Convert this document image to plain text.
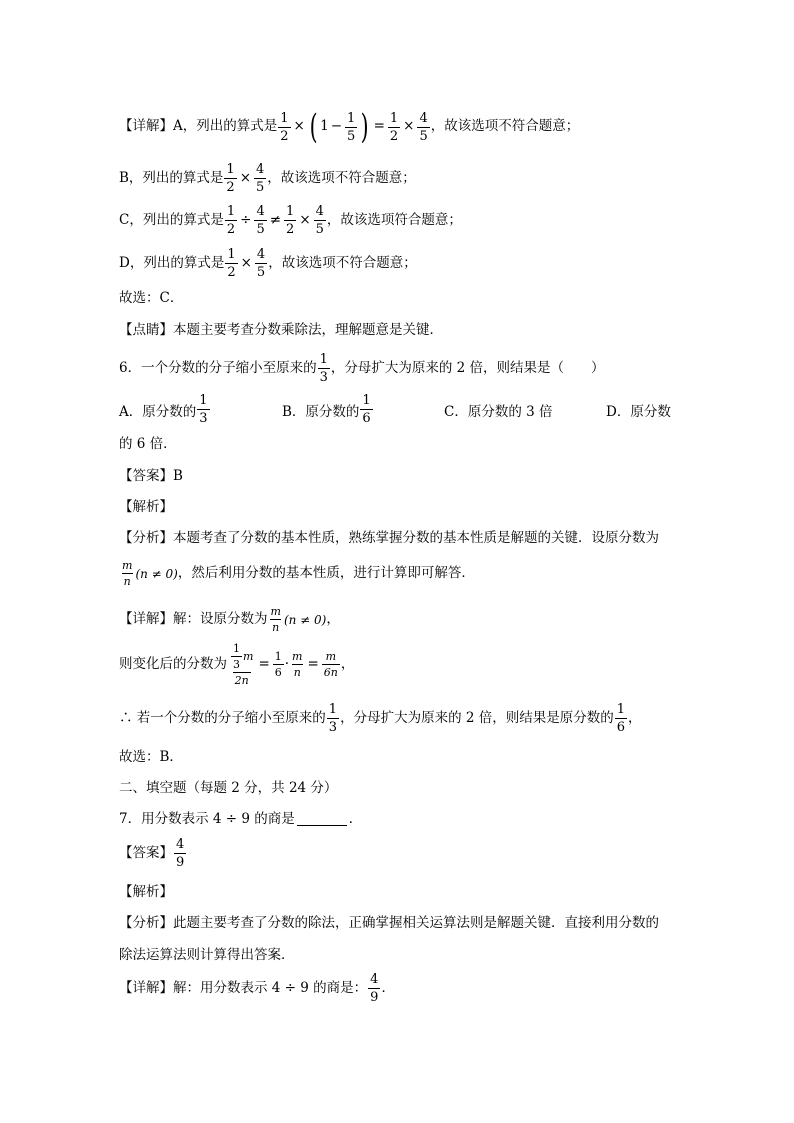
【详解】A，列出的算式是 $\frac{1}{2}$ × ( $1 - \frac{1}{5}$ ) = $\frac{1}{2} \times \frac{4}{5}$ ，故该选项不符合题意；
B，列出的算式是 $\frac{1}{2} \times \frac{4}{5}$ ，故该选项不符合题意；
C，列出的算式是 $\frac{1}{2} \div \frac{4}{5} \ne \frac{1}{2} \times \frac{4}{5}$ ，故该选项符合题意；
D，列出的算式是 $\frac{1}{2} \times \frac{4}{5}$ ，故该选项不符合题意；
故选：C．
【点睛】本题主要考查分数乘除法，理解题意是关键．
6．一个分数的分子缩小至原来的 $\frac{1}{3}$ ，分母扩大为原来的 2 倍，则结果是（　　）
A．原分数的 $\frac{1}{3}$	B．原分数的 $\frac{1}{6}$	C．原分数的 3 倍	D．原分数
的 6 倍．
【答案】B
【解析】
【分析】本题考查了分数的基本性质，熟练掌握分数的基本性质是解题的关键．设原分数为
$\frac{m}{n} (n \ne 0)$ ，然后利用分数的基本性质，进行计算即可解答．
【详解】解：设原分数为 $\frac{m}{n} (n \ne 0)$ ，
则变化后的分数为 $\frac{\frac{1}{3} m}{2n} = \frac{1}{6} \cdot \frac{m}{n} = \frac{m}{6n}$ ，
∴ 若一个分数的分子缩小至原来的 $\frac{1}{3}$ ，分母扩大为原来的 2 倍，则结果是原分数的 $\frac{1}{6}$ ，
故选：B．
二、填空题（每题 2 分，共 24 分）
7．用分数表示 4 ÷ 9 的商是	．
【答案】 $\frac{4}{9}$
【解析】
【分析】此题主要考查了分数的除法，正确掌握相关运算法则是解题关键．直接利用分数的
除法运算法则计算得出答案．
【详解】解：用分数表示 4 ÷ 9 的商是： $\frac{4}{9}$ ．
